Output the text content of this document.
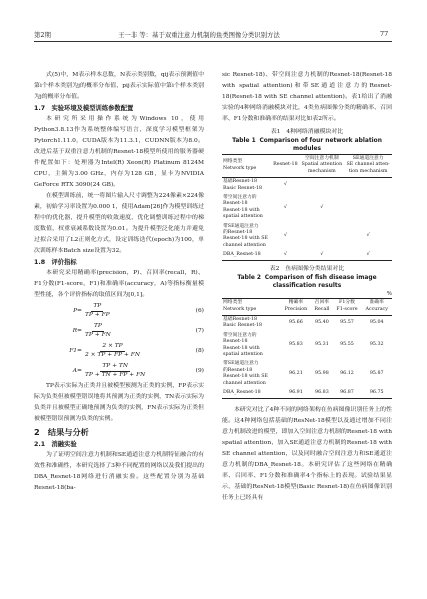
第2期	王一非 等：基于双重注意力机制的鱼类图像分类识别方法	77

式(5)中，M表示样本总数，N表示类别数，qij表示预测值中第i个样本类别为j的概率分布值，pij表示实际值中第i个样本类别为j的概率分布值。

1.7　实验环境及模型训练参数配置

本研究所采用操作系统为Windows 10，使用Python3.8.13作为系统整体编写语言，深度学习模型框架为Pytorch1.11.0，CUDA版本为11.3.1，CUDNN版本为8.0。改进后基于双重注意力机制的Resnet-18模型所使用的服务器硬件配置如下：处理器为Intel(R) Xeon(R) Platinum 8124M CPU，主频为3.00 GHz，内存为128 GB，显卡为NVIDIA GeForce RTX 3090(24 GB)。

在模型训练前，统一将图片输入尺寸调整为224像素×224像素，初始学习率设置为0.000 1，使用Adam[26]作为模型训练过程中的优化器，提升模型的收敛速度，优化调整训练过程中的梯度数值，权重衰减系数设置为0.01。为提升模型泛化能力并避免过拟合采用了L2正则化方式，设定训练迭代(epoch)为100，单次训练样本Batch size设置为32。

1.8　评价指标

本研究采用精确率(precision，P)、召回率(recall，R)、F1分数(F1-score，F1)和准确率(accuracy，A)等指标衡量模型性能，各个评价指标的取值区间为[0,1]。

$P= \frac{TP}{TP + FP}$	(6)
$R= \frac{TP}{TP + FN}$	(7)
$F1= \frac{2 \times TP}{2 \times TP + FP + FN}$	(8)
$A= \frac{TP + TN}{TP + TN + FP + FN}$	(9)

TP表示实际为正类并且被模型预测为正类的实例，FP表示实际为负类但被模型错误地将其预测为正类的实例，TN表示实际为负类并且被模型正确地预测为负类的实例，FN表示实际为正类但被模型错误预测为负类的实例。

2　结果与分析
2.1　消融实验

为了证明空间注意力机制和SE通道注意力机制特征融合的有效性和准确性，本研究选择了3种不同配置的网络以及我们提出的DBA_Resnet-18网络进行消融实验。这些配置分别为基础Resnet-18(ba-

sic Resnet-18)、带空间注意力机制的Resnet-18(Resnet-18 with spatial attention)和带SE通道注意力的Resnet-18(Resnet-18 with SE channel attention)。表1给出了消融实验的4种网络消融模块对比，4类鱼病图像分类的精确率、召回率、F1分数和准确率的结果对比如表2所示。

表1　4种网络消融模块对比
Table 1 Comparison of four network ablation modules
网络类型
Network type	Resnet-18	空间注意力机制
Spatial attention
mechanism	SE通道注意力
SE channel atten-
tion mechanism
基础Resnet-18
Basic Resnet-18	√		
带空间注意力的
Resnet-18
Resnet-18 with
spatial attention	√	√	
带SE通道注意力
的Resnet-18
Resnet-18 with SE
channel attention	√		√
DBA_Resnet-18	√	√	√
表2　鱼病图像分类结果对比
Table 2 Comparison of fish disease image classification results
%
网络类型
Network type	精确率
Precision	召回率
Recall	F1分数
F1-score	准确率
Accuracy
基础Resnet-18
Basic Resnet-18	95.66	95.40	95.57	95.04
带空间注意力的
Resnet-18
Resnet-18 with
spatial attention	95.83	95.31	95.55	95.32
带SE通道注意力
的Resnet-18
Resnet-18 with SE
channel attention	96.21	95.98	96.12	95.87
DBA_Resnet-18	96.91	96.83	96.87	96.75

本研究对比了4种不同的网络架构在鱼病图像识别任务上的性能。这4种网络包括基础的ResNet-18模型以及通过增加不同注意力机制改进的模型，即加入空间注意力机制的Resnet-18 with spatial attention，加入SE通道注意力机制的Resnet-18 with SE channel attention，以及同时融合空间注意力和SE通道注意力机制的DBA_Resnet-18。本研究评估了这些网络在精确率、召回率、F1分数和准确率4个指标上的表现。试验结果显示，基础的ResNet-18模型(Basic Resnet-18)在鱼病图像识别任务上已经具有
